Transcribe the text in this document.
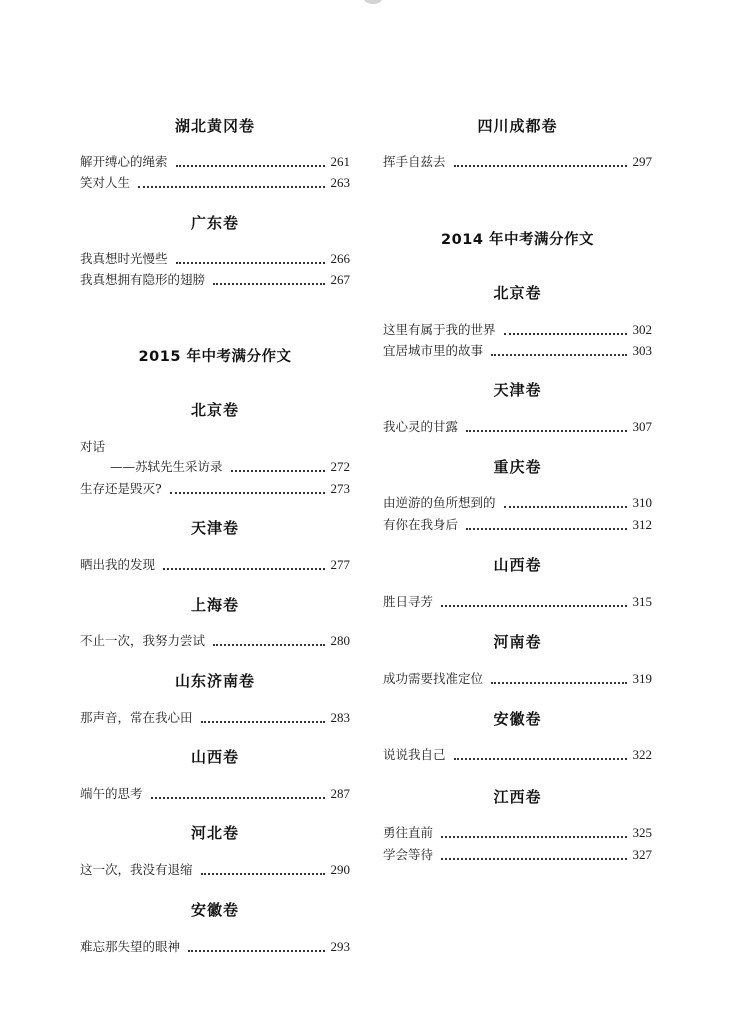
湖北黄冈卷
解开缚心的绳索	261
笑对人生	263
广东卷
我真想时光慢些	266
我真想拥有隐形的翅膀	267
2015 年中考满分作文
北京卷
对话
——苏轼先生采访录	272
生存还是毁灭?	273
天津卷
晒出我的发现	277
上海卷
不止一次，我努力尝试	280
山东济南卷
那声音，常在我心田	283
山西卷
端午的思考	287
河北卷
这一次，我没有退缩	290
安徽卷
难忘那失望的眼神	293
四川成都卷
挥手自兹去	297
2014 年中考满分作文
北京卷
这里有属于我的世界	302
宜居城市里的故事	303
天津卷
我心灵的甘露	307
重庆卷
由逆游的鱼所想到的	310
有你在我身后	312
山西卷
胜日寻芳	315
河南卷
成功需要找准定位	319
安徽卷
说说我自己	322
江西卷
勇往直前	325
学会等待	327
